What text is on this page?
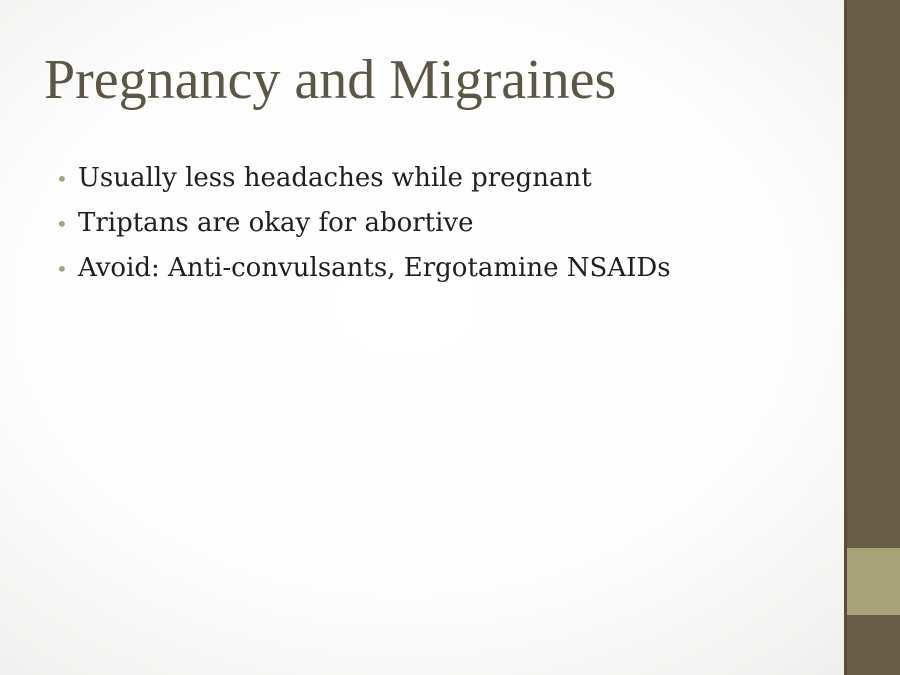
Pregnancy and Migraines
• Usually less headaches while pregnant
• Triptans are okay for abortive
• Avoid: Anti-convulsants, Ergotamine NSAIDs
